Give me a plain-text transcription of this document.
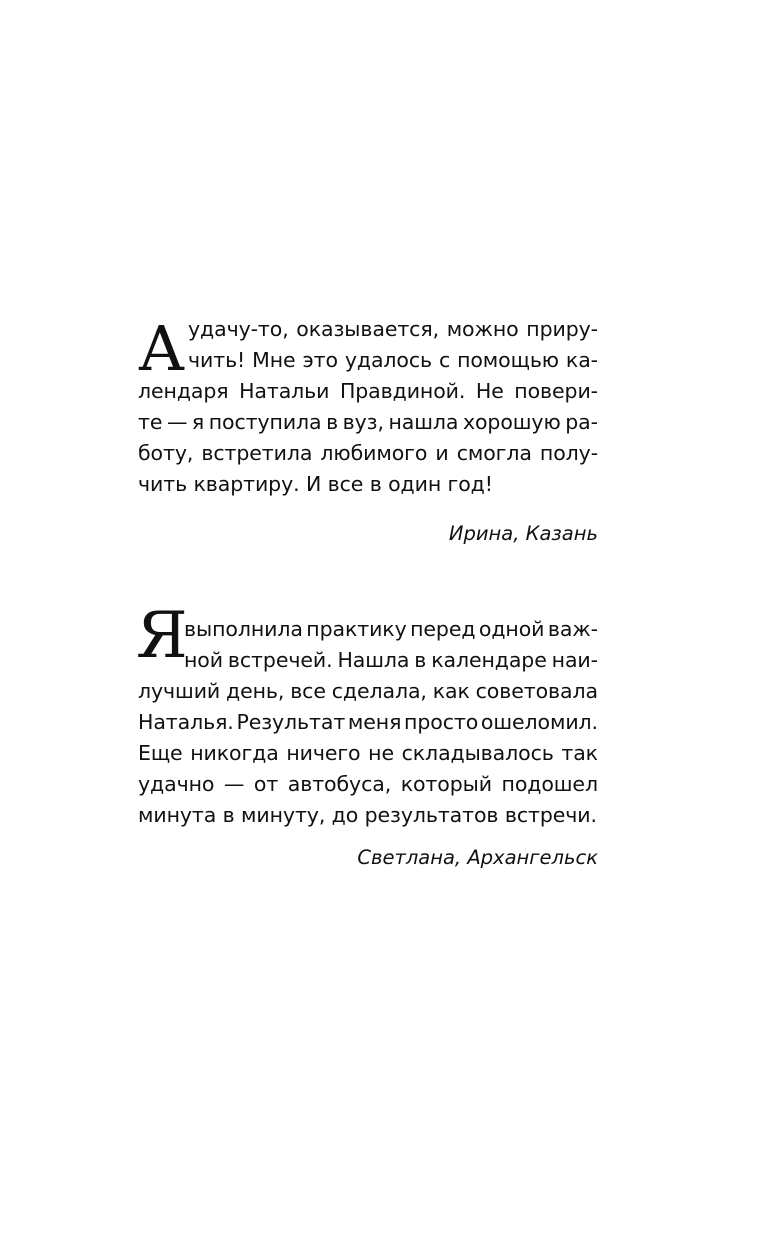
А удачу-то, оказывается, можно приру-
чить! Мне это удалось с помощью ка-
лендаря Натальи Правдиной. Не повери-
те — я поступила в вуз, нашла хорошую ра-
боту, встретила любимого и смогла полу-
чить квартиру. И все в один год!
Ирина, Казань
Я
выполнила практику перед одной важ-
ной встречей. Нашла в календаре наи-
лучший день, все сделала, как советовала
Наталья. Результат меня просто ошеломил.
Еще никогда ничего не складывалось так
удачно — от автобуса, который подошел
минута в минуту, до результатов встречи.
Светлана, Архангельск
